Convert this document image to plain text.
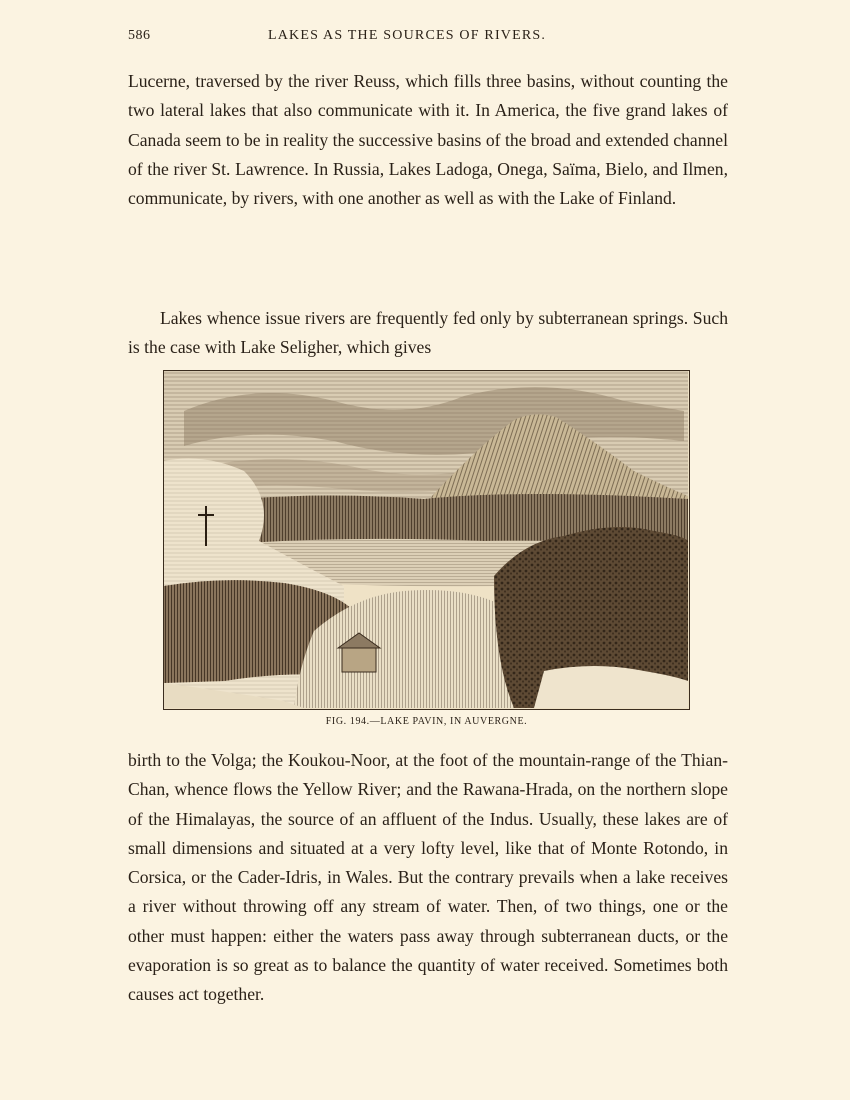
586	LAKES AS THE SOURCES OF RIVERS.

Lucerne, traversed by the river Reuss, which fills three basins, without counting the two lateral lakes that also communicate with it. In America, the five grand lakes of Canada seem to be in reality the successive basins of the broad and extended channel of the river St. Lawrence. In Russia, Lakes Ladoga, Onega, Saïma, Bielo, and Ilmen, communicate, by rivers, with one another as well as with the Lake of Finland.

Lakes whence issue rivers are frequently fed only by subterranean springs. Such is the case with Lake Seligher, which gives

FIG. 194.—LAKE PAVIN, IN AUVERGNE.

birth to the Volga; the Koukou-Noor, at the foot of the mountain-range of the Thian-Chan, whence flows the Yellow River; and the Rawana-Hrada, on the northern slope of the Himalayas, the source of an affluent of the Indus. Usually, these lakes are of small dimensions and situated at a very lofty level, like that of Monte Rotondo, in Corsica, or the Cader-Idris, in Wales. But the contrary prevails when a lake receives a river without throwing off any stream of water. Then, of two things, one or the other must happen: either the waters pass away through subterranean ducts, or the evaporation is so great as to balance the quantity of water received. Sometimes both causes act together.
